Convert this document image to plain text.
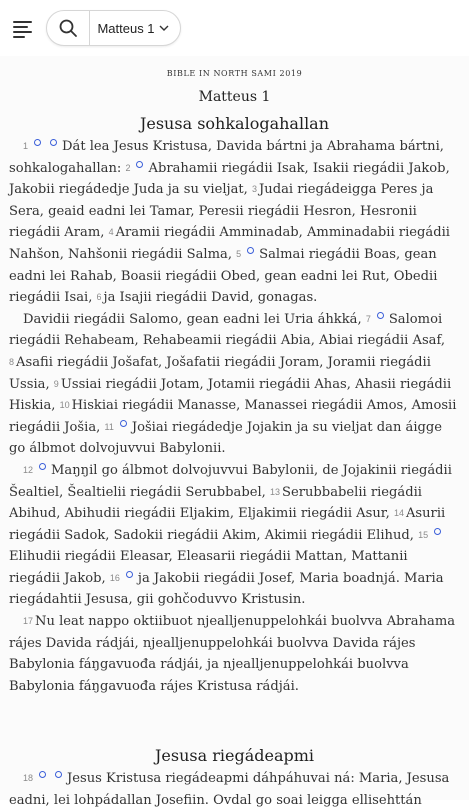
Matteus 1
BIBLE IN NORTH SAMI 2019
Matteus 1
Jesusa sohkalogahallan

1	Dát lea Jesus Kristusa, Davida bártni ja Abrahama bártni, sohkalogahallan: 2 Abrahamii riegádii Isak, Isakii riegádii Jakob, Jakobii riegádedje Juda ja su vieljat, 3 Judai riegádeigga Peres ja Sera, geaid eadni lei Tamar, Peresii riegádii Hesron, Hesronii riegádii Aram, 4 Aramii riegádii Amminadab, Amminadabii riegádii Nahšon, Nahšonii riegádii Salma, 5 Salmai riegádii Boas, gean eadni lei Rahab, Boasii riegádii Obed, gean eadni lei Rut, Obedii riegádii Isai, 6 ja Isajii riegádii David, gonagas.

Davidii riegádii Salomo, gean eadni lei Uria áhkká, 7 Salomoi riegádii Rehabeam, Rehabeamii riegádii Abia, Abiai riegádii Asaf, 8 Asafii riegádii Jošafat, Jošafatii riegádii Joram, Joramii riegádii Ussia, 9 Ussiai riegádii Jotam, Jotamii riegádii Ahas, Ahasii riegádii Hiskia, 10 Hiskiai riegádii Manasse, Manassei riegádii Amos, Amosii riegádii Jošia, 11 Jošiai riegádedje Jojakin ja su vieljat dan áigge go álbmot dolvojuvvui Babylonii.

12 Maŋŋil go álbmot dolvojuvvui Babylonii, de Jojakinii riegádii Šealtiel, Šealtielii riegádii Serubbabel, 13 Serubbabelii riegádii Abihud, Abihudii riegádii Eljakim, Eljakimii riegádii Asur, 14 Asurii riegádii Sadok, Sadokii riegádii Akim, Akimii riegádii Elihud, 15Elihudii riegádii Eleasar, Eleasarii riegádii Mattan, Mattanii riegádii Jakob, 16 ja Jakobii riegádii Josef, Maria boadnjá. Maria riegádahtii Jesusa, gii gohčoduvvo Kristusin.

17 Nu leat nappo oktiibuot njealljenuppelohkái buolvva Abrahama rájes Davida rádjái, njealljenuppelohkái buolvva Davida rájes Babylonia fáŋgavuođa rádjái, ja njealljenuppelohkái buolvva Babylonia fáŋgavuođa rájes Kristusa rádjái.

Jesusa riegádeapmi

18	Jesus Kristusa riegádeapmi dáhpáhuvai ná: Maria, Jesusa eadni, lei lohpádallan Josefiin. Ovdal go soai leigga ellisehttán
